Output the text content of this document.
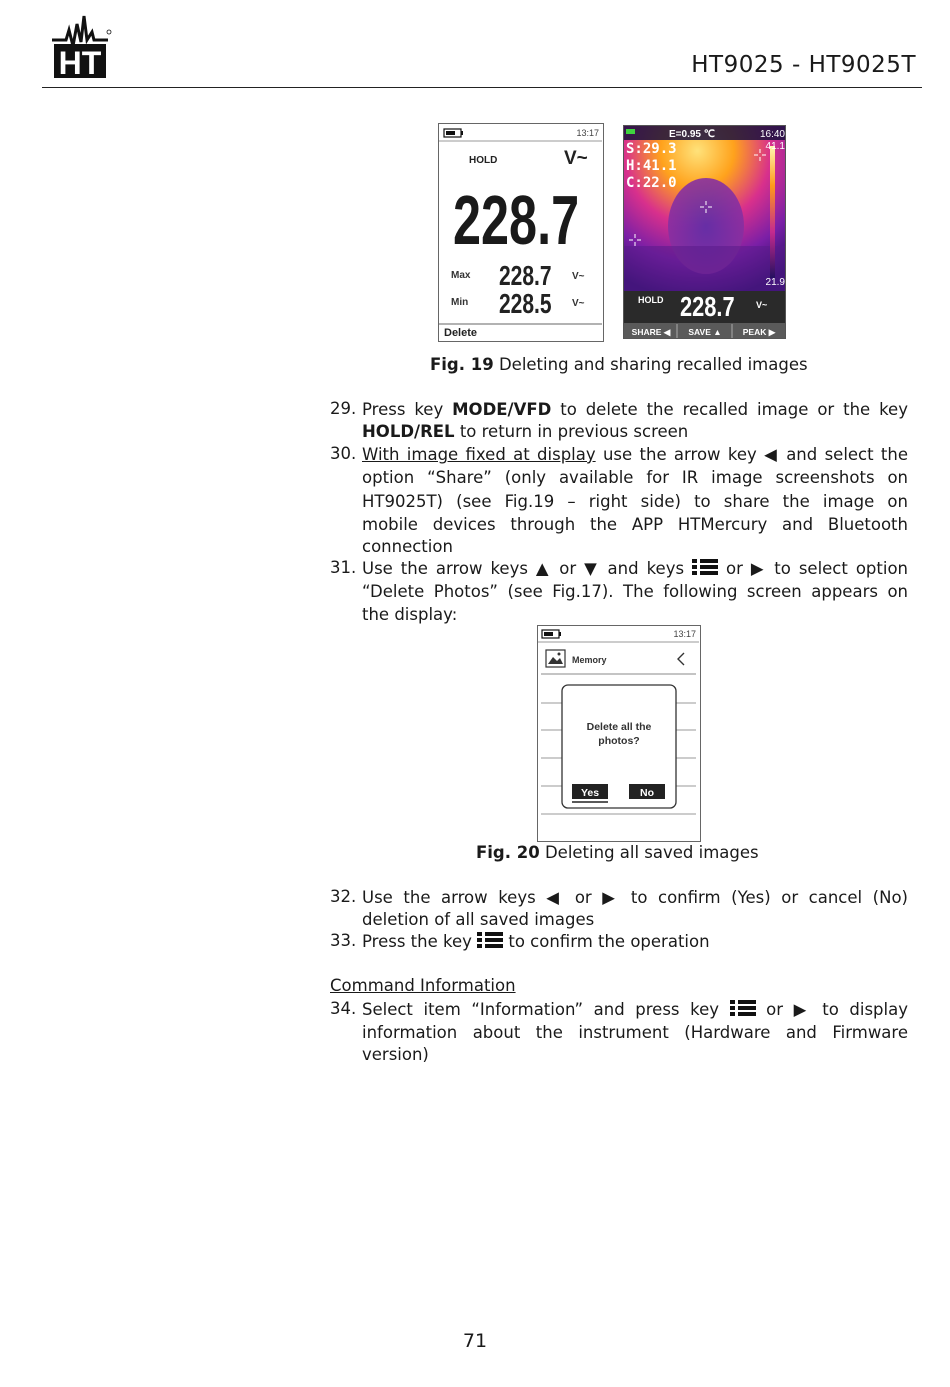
HT	HT9025 - HT9025T
13:17
HOLD	V~
228.7
Max 228.7 V~
Min 228.5 V~
Delete
E=0.95 ℃	16:40
41.1
S:29.3
H:41.1
C:22.0
21.9
HOLD 228.7 V~
SHARE ◀ SAVE ▲ PEAK ▶
Fig. 19 Deleting and sharing recalled images
29. Press key MODE/VFD to delete the recalled image or the key
HOLD/REL to return in previous screen
30. With image fixed at display use the arrow key ◀ and select the
option “Share” (only available for IR image screenshots on
HT9025T) (see Fig.19 – right side) to share the image on
mobile devices through the APP HTMercury and Bluetooth
connection
31. Use the arrow keys ▲ or ▼ and keys  or ▶ to select option
“Delete Photos” (see Fig.17). The following screen appears on
the display:
13:17
Memory
Delete all the
photos?
Yes	No
Fig. 20 Deleting all saved images
32. Use the arrow keys ◀ or ▶ to confirm (Yes) or cancel (No)
deletion of all saved images
33. Press the key  to confirm the operation
Command Information
34. Select item “Information” and press key  or ▶ to display
information about the instrument (Hardware and Firmware
version)
71
